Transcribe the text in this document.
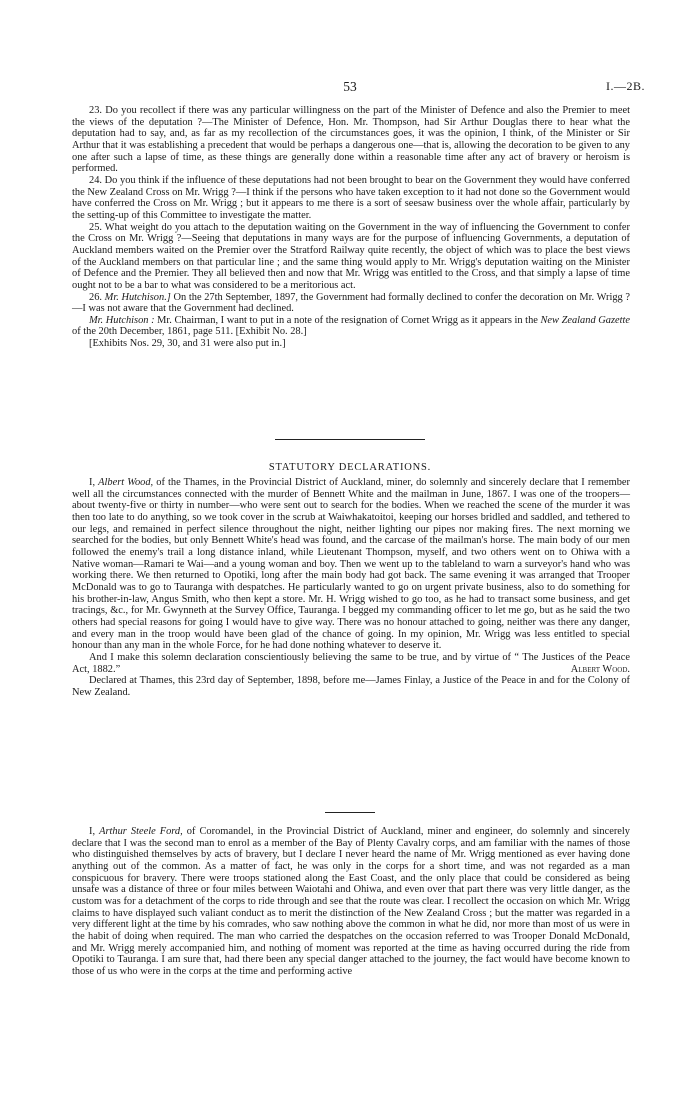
53	I.—2B.

23. Do you recollect if there was any particular willingness on the part of the Minister of Defence and also the Premier to meet the views of the deputation ?—The Minister of Defence, Hon. Mr. Thompson, had Sir Arthur Douglas there to hear what the deputation had to say, and, as far as my recollection of the circumstances goes, it was the opinion, I think, of the Minister or Sir Arthur that it was establishing a precedent that would be perhaps a dangerous one—that is, allowing the decoration to be given to any one after such a lapse of time, as these things are generally done within a reasonable time after any act of bravery or heroism is performed.

24. Do you think if the influence of these deputations had not been brought to bear on the Government they would have conferred the New Zealand Cross on Mr. Wrigg ?—I think if the persons who have taken exception to it had not done so the Government would have conferred the Cross on Mr. Wrigg ; but it appears to me there is a sort of seesaw business over the whole affair, particularly by the setting-up of this Committee to investigate the matter.

25. What weight do you attach to the deputation waiting on the Government in the way of influencing the Government to confer the Cross on Mr. Wrigg ?—Seeing that deputations in many ways are for the purpose of influencing Governments, a deputation of Auckland members waited on the Premier over the Stratford Railway quite recently, the object of which was to place the best views of the Auckland members on that particular line ; and the same thing would apply to Mr. Wrigg's deputation waiting on the Minister of Defence and the Premier. They all believed then and now that Mr. Wrigg was entitled to the Cross, and that simply a lapse of time ought not to be a bar to what was considered to be a meritorious act.

26. Mr. Hutchison.] On the 27th September, 1897, the Government had formally declined to confer the decoration on Mr. Wrigg ?—I was not aware that the Government had declined.

Mr. Hutchison : Mr. Chairman, I want to put in a note of the resignation of Cornet Wrigg as it appears in the New Zealand Gazette of the 20th December, 1861, page 511. [Exhibit No. 28.]

[Exhibits Nos. 29, 30, and 31 were also put in.]

STATUTORY DECLARATIONS.

I, Albert Wood, of the Thames, in the Provincial District of Auckland, miner, do solemnly and sincerely declare that I remember well all the circumstances connected with the murder of Bennett White and the mailman in June, 1867. I was one of the troopers—about twenty-five or thirty in number—who were sent out to search for the bodies. When we reached the scene of the murder it was then too late to do anything, so we took cover in the scrub at Waiwhakatoitoi, keeping our horses bridled and saddled, and tethered to our legs, and remained in perfect silence throughout the night, neither lighting our pipes nor making fires. The next morning we searched for the bodies, but only Bennett White's head was found, and the carcase of the mailman's horse. The main body of our men followed the enemy's trail a long distance inland, while Lieutenant Thompson, myself, and two others went on to Ohiwa with a Native woman—Ramari te Wai—and a young woman and boy. Then we went up to the tableland to warn a surveyor's hand who was working there. We then returned to Opotiki, long after the main body had got back. The same evening it was arranged that Trooper McDonald was to go to Tauranga with despatches. He particularly wanted to go on urgent private business, also to do something for his brother-in-law, Angus Smith, who then kept a store. Mr. H. Wrigg wished to go too, as he had to transact some business, and get tracings, &c., for Mr. Gwynneth at the Survey Office, Tauranga. I begged my commanding officer to let me go, but as he said the two others had special reasons for going I would have to give way. There was no honour attached to going, neither was there any danger, and every man in the troop would have been glad of the chance of going. In my opinion, Mr. Wrigg was less entitled to special honour than any man in the whole Force, for he had done nothing whatever to deserve it.

And I make this solemn declaration conscientiously believing the same to be true, and by virtue of “ The Justices of the Peace Act, 1882.”	Albert Wood.

Declared at Thames, this 23rd day of September, 1898, before me—James Finlay, a Justice of the Peace in and for the Colony of New Zealand.

I, Arthur Steele Ford, of Coromandel, in the Provincial District of Auckland, miner and engineer, do solemnly and sincerely declare that I was the second man to enrol as a member of the Bay of Plenty Cavalry corps, and am familiar with the names of those who distinguished themselves by acts of bravery, but I declare I never heard the name of Mr. Wrigg mentioned as ever having done anything out of the common. As a matter of fact, he was only in the corps for a short time, and was not regarded as a man conspicuous for bravery. There were troops stationed along the East Coast, and the only place that could be considered as being unsafe was a distance of three or four miles between Waiotahi and Ohiwa, and even over that part there was very little danger, as the custom was for a detachment of the corps to ride through and see that the route was clear. I recollect the occasion on which Mr. Wrigg claims to have displayed such valiant conduct as to merit the distinction of the New Zealand Cross ; but the matter was regarded in a very different light at the time by his comrades, who saw nothing above the common in what he did, nor more than most of us were in the habit of doing when required. The man who carried the despatches on the occasion referred to was Trooper Donald McDonald, and Mr. Wrigg merely accompanied him, and nothing of moment was reported at the time as having occurred during the ride from Opotiki to Tauranga. I am sure that, had there been any special danger attached to the journey, the fact would have become known to those of us who were in the corps at the time and performing active
